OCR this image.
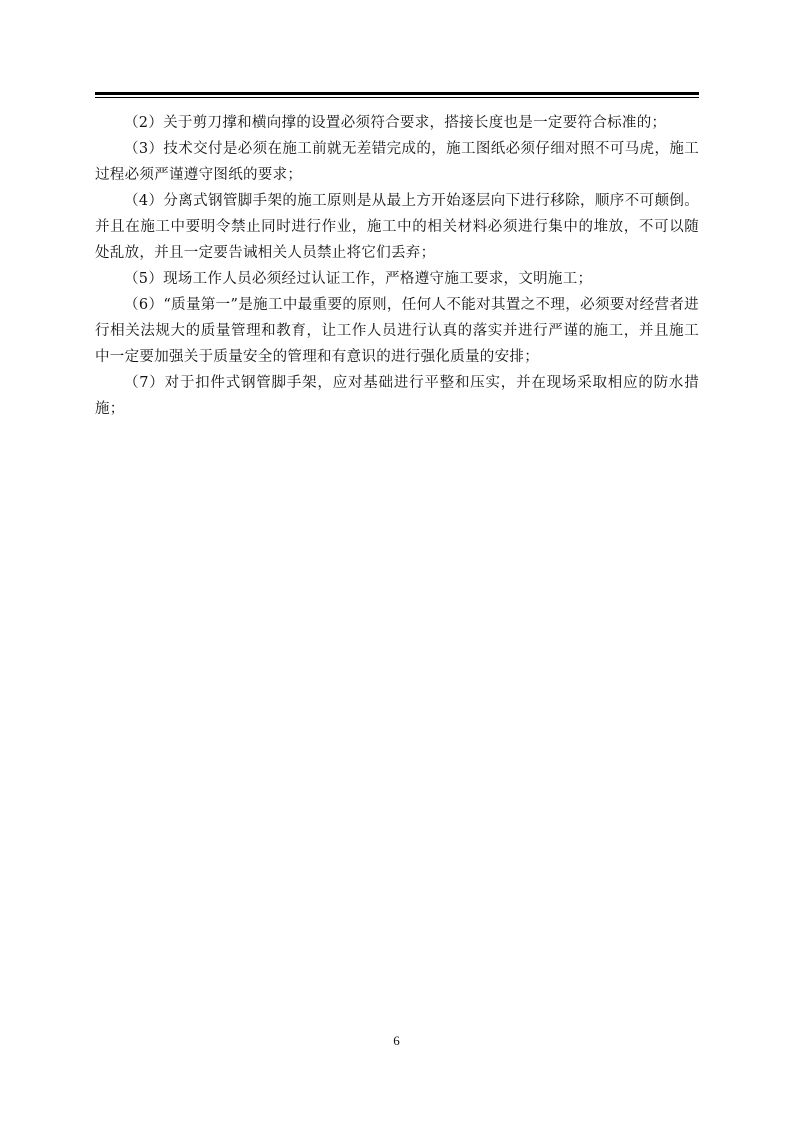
（2）关于剪刀撑和横向撑的设置必须符合要求，搭接长度也是一定要符合标准的；

（3）技术交付是必须在施工前就无差错完成的，施工图纸必须仔细对照不可马虎，施工过程必须严谨遵守图纸的要求；

（4）分离式钢管脚手架的施工原则是从最上方开始逐层向下进行移除，顺序不可颠倒。并且在施工中要明令禁止同时进行作业，施工中的相关材料必须进行集中的堆放，不可以随处乱放，并且一定要告诫相关人员禁止将它们丢弃；

（5）现场工作人员必须经过认证工作，严格遵守施工要求，文明施工；

（6）“质量第一”是施工中最重要的原则，任何人不能对其置之不理，必须要对经营者进行相关法规大的质量管理和教育，让工作人员进行认真的落实并进行严谨的施工，并且施工中一定要加强关于质量安全的管理和有意识的进行强化质量的安排；

（7）对于扣件式钢管脚手架，应对基础进行平整和压实，并在现场采取相应的防水措施；

6
